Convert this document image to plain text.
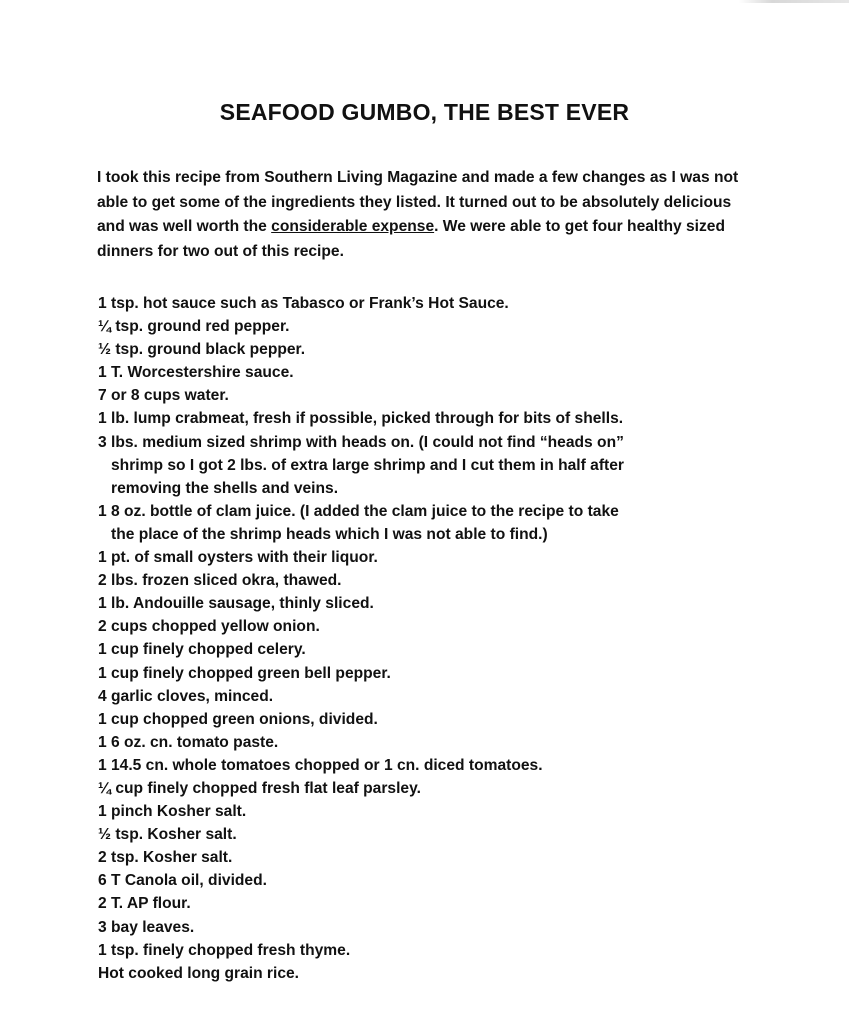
SEAFOOD GUMBO, THE BEST EVER

I took this recipe from Southern Living Magazine and made a few changes as I was not able to get some of the ingredients they listed. It turned out to be absolutely delicious and was well worth the considerable expense. We were able to get four healthy sized dinners for two out of this recipe.

1 tsp. hot sauce such as Tabasco or Frank’s Hot Sauce.
¼ tsp. ground red pepper.
½ tsp. ground black pepper.
1 T. Worcestershire sauce.
7 or 8 cups water.
1 lb. lump crabmeat, fresh if possible, picked through for bits of shells.
3 lbs. medium sized shrimp with heads on. (I could not find “heads on”
shrimp so I got 2 lbs. of extra large shrimp and I cut them in half after
removing the shells and veins.
1 8 oz. bottle of clam juice. (I added the clam juice to the recipe to take
the place of the shrimp heads which I was not able to find.)
1 pt. of small oysters with their liquor.
2 lbs. frozen sliced okra, thawed.
1 lb. Andouille sausage, thinly sliced.
2 cups chopped yellow onion.
1 cup finely chopped celery.
1 cup finely chopped green bell pepper.
4 garlic cloves, minced.
1 cup chopped green onions, divided.
1 6 oz. cn. tomato paste.
1 14.5 cn. whole tomatoes chopped or 1 cn. diced tomatoes.
¼ cup finely chopped fresh flat leaf parsley.
1 pinch Kosher salt.
½ tsp. Kosher salt.
2 tsp. Kosher salt.
6 T Canola oil, divided.
2 T. AP flour.
3 bay leaves.
1 tsp. finely chopped fresh thyme.
Hot cooked long grain rice.
